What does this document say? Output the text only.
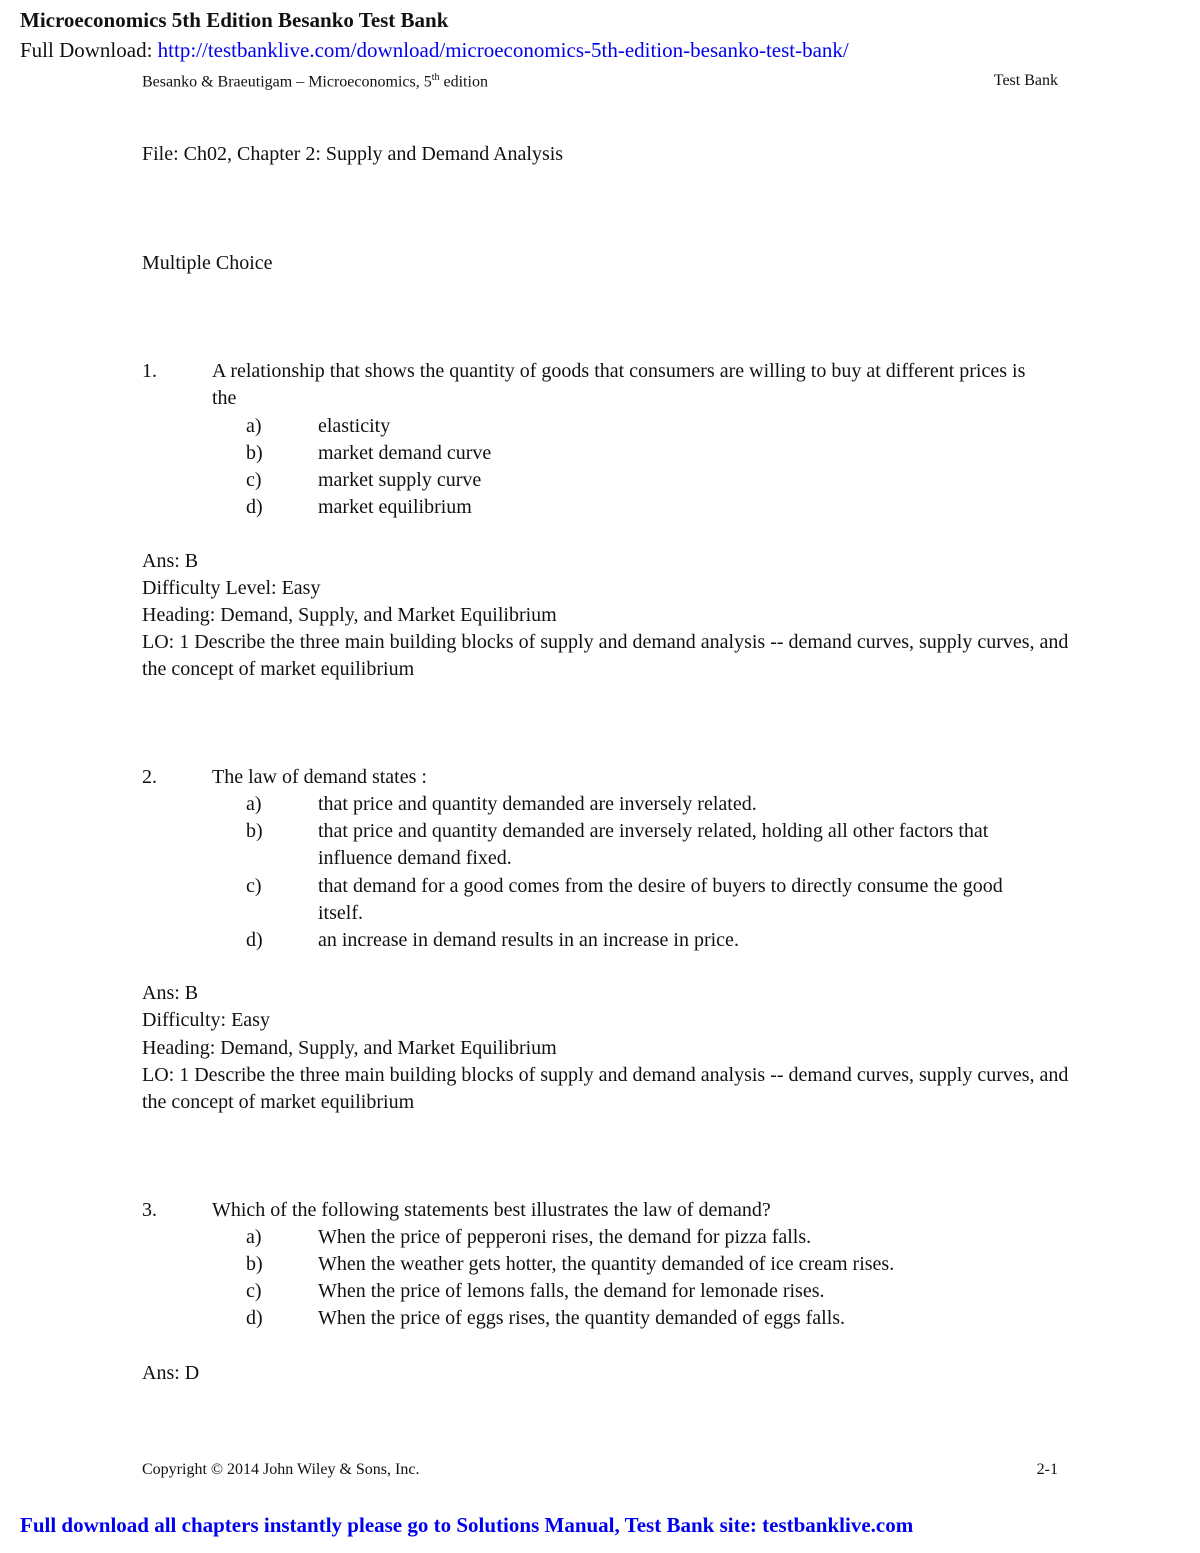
Microeconomics 5th Edition Besanko Test Bank
Full Download: http://testbanklive.com/download/microeconomics-5th-edition-besanko-test-bank/
Besanko & Braeutigam – Microeconomics, 5th edition	Test Bank
File: Ch02, Chapter 2: Supply and Demand Analysis
Multiple Choice
1.	A relationship that shows the quantity of goods that consumers are willing to buy at different prices is the
a)	elasticity
b)	market demand curve
c)	market supply curve
d)	market equilibrium
Ans: B
Difficulty Level: Easy
Heading: Demand, Supply, and Market Equilibrium
LO: 1 Describe the three main building blocks of supply and demand analysis -- demand curves, supply curves, and the concept of market equilibrium
2.	The law of demand states :
a)	that price and quantity demanded are inversely related.
b)	that price and quantity demanded are inversely related, holding all other factors that influence demand fixed.
c)	that demand for a good comes from the desire of buyers to directly consume the good itself.
d)	an increase in demand results in an increase in price.
Ans: B
Difficulty: Easy
Heading: Demand, Supply, and Market Equilibrium
LO: 1 Describe the three main building blocks of supply and demand analysis -- demand curves, supply curves, and the concept of market equilibrium
3.	Which of the following statements best illustrates the law of demand?
a)	When the price of pepperoni rises, the demand for pizza falls.
b)	When the weather gets hotter, the quantity demanded of ice cream rises.
c)	When the price of lemons falls, the demand for lemonade rises.
d)	When the price of eggs rises, the quantity demanded of eggs falls.
Ans: D
Copyright © 2014 John Wiley & Sons, Inc.	2-1
Full download all chapters instantly please go to Solutions Manual, Test Bank site: testbanklive.com
